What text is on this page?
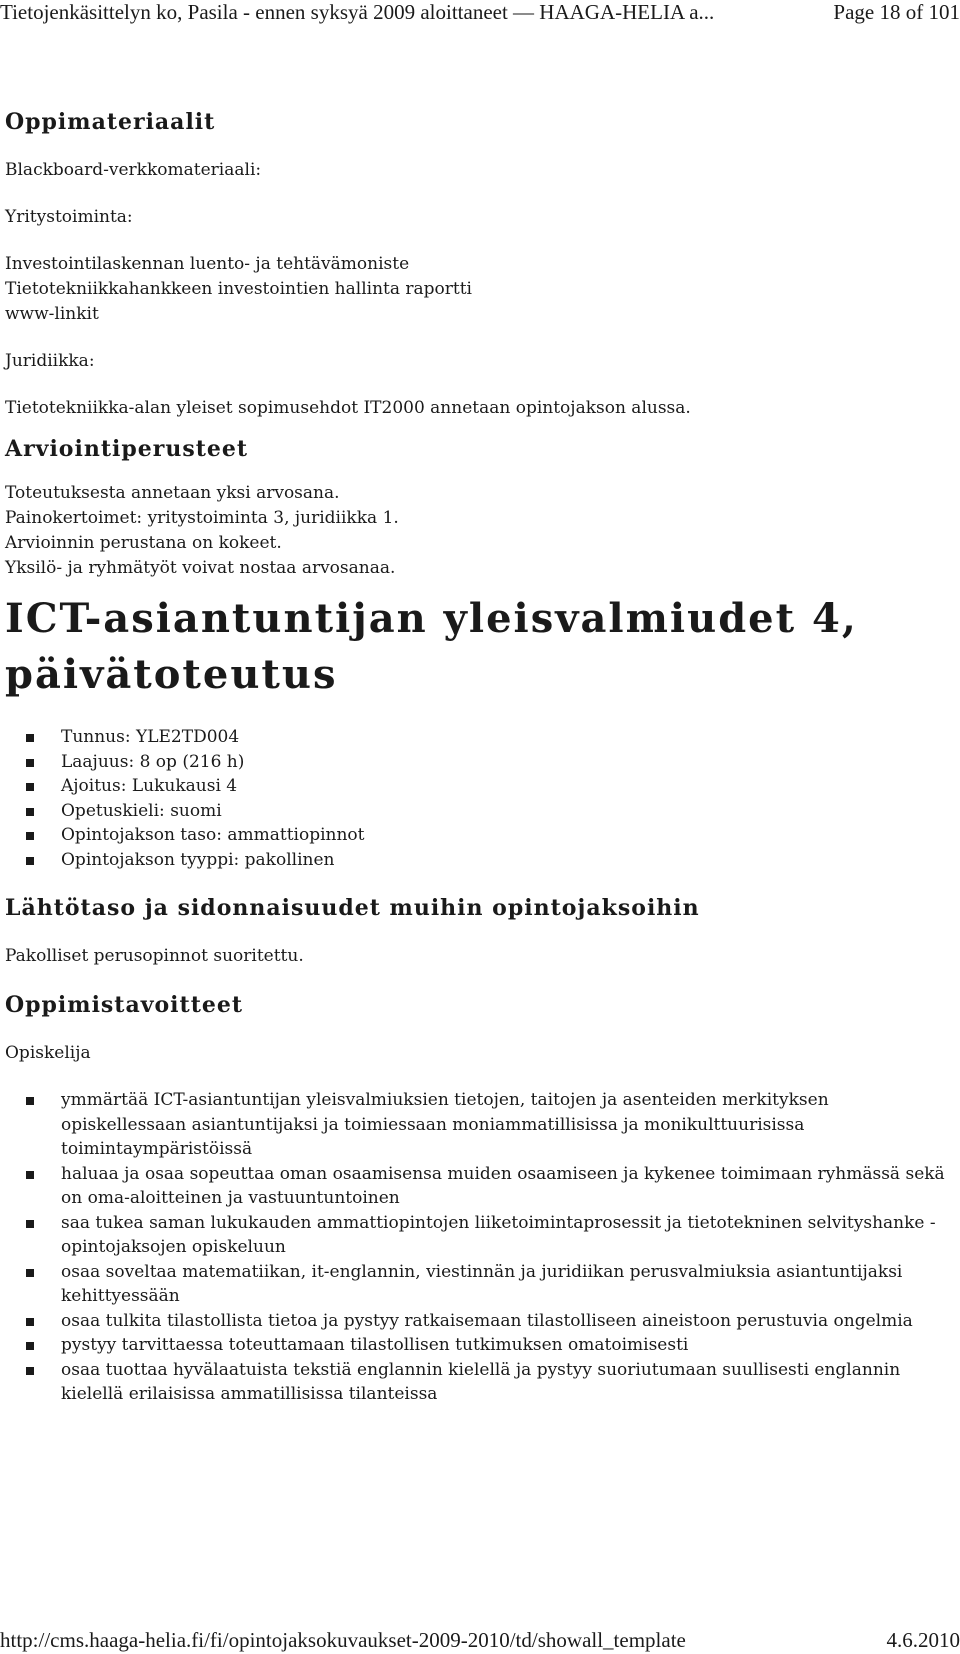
Tietojenkäsittelyn ko, Pasila - ennen syksyä 2009 aloittaneet — HAAGA-HELIA a...	Page 18 of 101
Oppimateriaalit

Blackboard-verkkomateriaali:

Yritystoiminta:

Investointilaskennan luento- ja tehtävämoniste

Tietotekniikkahankkeen investointien hallinta raportti

www-linkit

Juridiikka:

Tietotekniikka-alan yleiset sopimusehdot IT2000 annetaan opintojakson alussa.

Arviointiperusteet

Toteutuksesta annetaan yksi arvosana.

Painokertoimet: yritystoiminta 3, juridiikka 1.

Arvioinnin perustana on kokeet.

Yksilö- ja ryhmätyöt voivat nostaa arvosanaa.

ICT-asiantuntijan yleisvalmiudet 4,
päivätoteutus
Tunnus: YLE2TD004
Laajuus: 8 op (216 h)
Ajoitus: Lukukausi 4
Opetuskieli: suomi
Opintojakson taso: ammattiopinnot
Opintojakson tyyppi: pakollinen
Lähtötaso ja sidonnaisuudet muihin opintojaksoihin

Pakolliset perusopinnot suoritettu.

Oppimistavoitteet

Opiskelija

ymmärtää ICT-asiantuntijan yleisvalmiuksien tietojen, taitojen ja asenteiden merkityksen opiskellessaan asiantuntijaksi ja toimiessaan moniammatillisissa ja monikulttuurisissa toimintaympäristöissä
haluaa ja osaa sopeuttaa oman osaamisensa muiden osaamiseen ja kykenee toimimaan ryhmässä sekä on oma-aloitteinen ja vastuuntuntoinen
saa tukea saman lukukauden ammattiopintojen liiketoimintaprosessit ja tietotekninen selvityshanke -opintojaksojen opiskeluun
osaa soveltaa matematiikan, it-englannin, viestinnän ja juridiikan perusvalmiuksia asiantuntijaksi kehittyessään
osaa tulkita tilastollista tietoa ja pystyy ratkaisemaan tilastolliseen aineistoon perustuvia ongelmia
pystyy tarvittaessa toteuttamaan tilastollisen tutkimuksen omatoimisesti
osaa tuottaa hyvälaatuista tekstiä englannin kielellä ja pystyy suoriutumaan suullisesti englannin kielellä erilaisissa ammatillisissa tilanteissa
http://cms.haaga-helia.fi/fi/opintojaksokuvaukset-2009-2010/td/showall_template	4.6.2010
